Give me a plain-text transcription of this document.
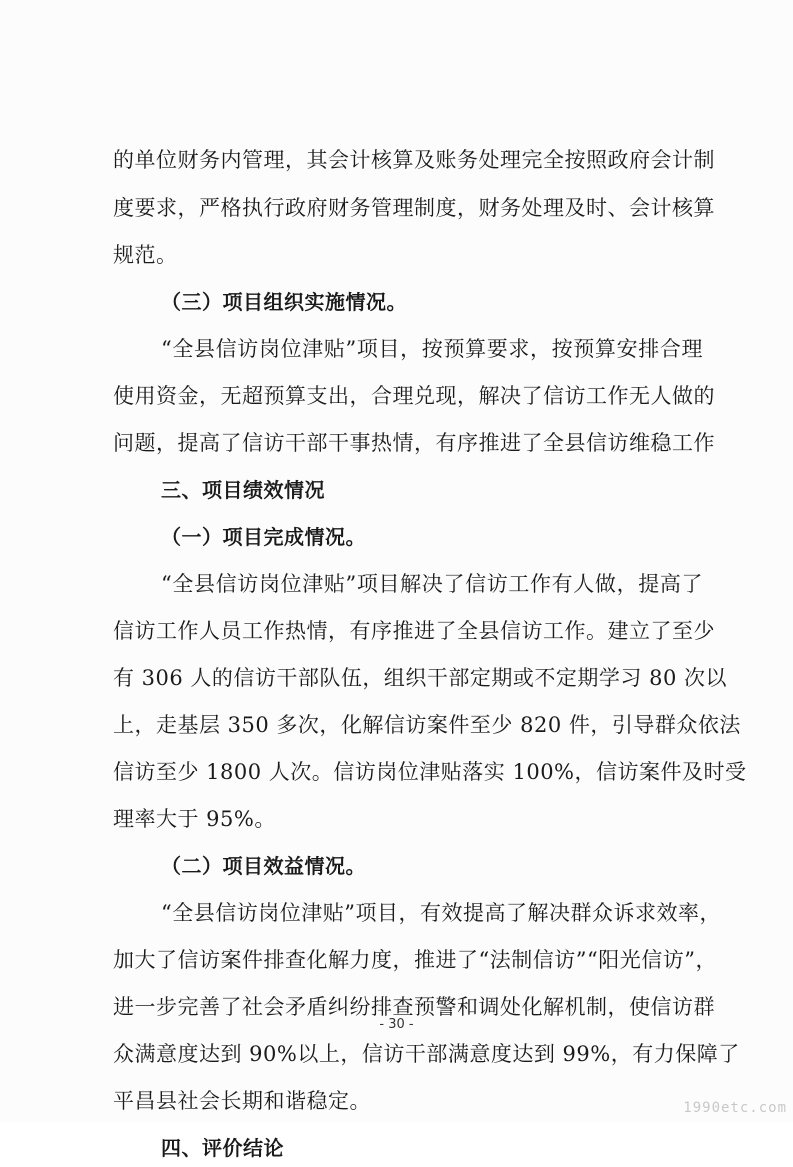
的单位财务内管理，其会计核算及账务处理完全按照政府会计制
度要求，严格执行政府财务管理制度，财务处理及时、会计核算
规范。
（三）项目组织实施情况。
“全县信访岗位津贴”项目，按预算要求，按预算安排合理
使用资金，无超预算支出，合理兑现，解决了信访工作无人做的
问题，提高了信访干部干事热情，有序推进了全县信访维稳工作
三、项目绩效情况
（一）项目完成情况。
“全县信访岗位津贴”项目解决了信访工作有人做，提高了
信访工作人员工作热情，有序推进了全县信访工作。建立了至少
有 306 人的信访干部队伍，组织干部定期或不定期学习 80 次以
上，走基层 350 多次，化解信访案件至少 820 件，引导群众依法
信访至少 1800 人次。信访岗位津贴落实 100%，信访案件及时受
理率大于 95%。
（二）项目效益情况。
“全县信访岗位津贴”项目，有效提高了解决群众诉求效率，
加大了信访案件排查化解力度，推进了“法制信访”“阳光信访”，
进一步完善了社会矛盾纠纷排查预警和调处化解机制，使信访群
众满意度达到 90%以上，信访干部满意度达到 99%，有力保障了
平昌县社会长期和谐稳定。
四、评价结论
- 30 -
1990etc.com
